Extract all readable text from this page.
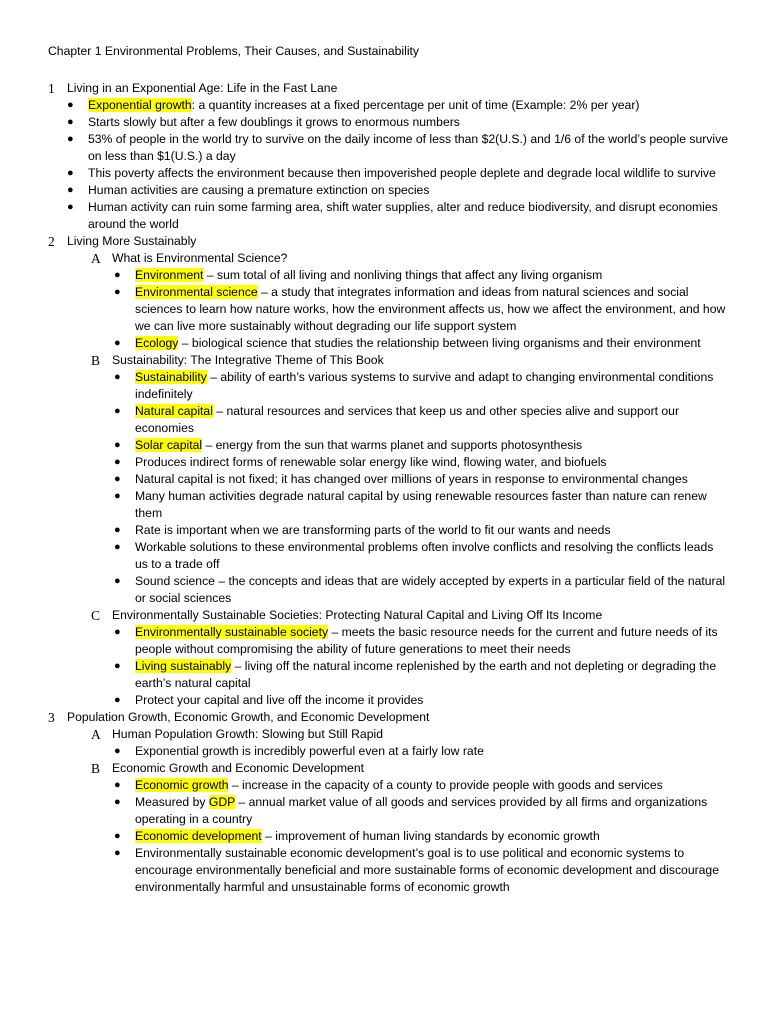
Chapter 1 Environmental Problems, Their Causes, and Sustainability
1 Living in an Exponential Age: Life in the Fast Lane
● Exponential growth: a quantity increases at a fixed percentage per unit of time (Example: 2% per year)
● Starts slowly but after a few doublings it grows to enormous numbers
● 53% of people in the world try to survive on the daily income of less than $2(U.S.) and 1/6 of the world’s people survive on less than $1(U.S.) a day
● This poverty affects the environment because then impoverished people deplete and degrade local wildlife to survive
● Human activities are causing a premature extinction on species
● Human activity can ruin some farming area, shift water supplies, alter and reduce biodiversity, and disrupt economies around the world
2 Living More Sustainably
A What is Environmental Science?
● Environment – sum total of all living and nonliving things that affect any living organism
● Environmental science – a study that integrates information and ideas from natural sciences and social sciences to learn how nature works, how the environment affects us, how we affect the environment, and how we can live more sustainably without degrading our life support system
● Ecology – biological science that studies the relationship between living organisms and their environment
B Sustainability: The Integrative Theme of This Book
● Sustainability – ability of earth’s various systems to survive and adapt to changing environmental conditions indefinitely
● Natural capital – natural resources and services that keep us and other species alive and support our economies
● Solar capital – energy from the sun that warms planet and supports photosynthesis
● Produces indirect forms of renewable solar energy like wind, flowing water, and biofuels
● Natural capital is not fixed; it has changed over millions of years in response to environmental changes
● Many human activities degrade natural capital by using renewable resources faster than nature can renew them
● Rate is important when we are transforming parts of the world to fit our wants and needs
● Workable solutions to these environmental problems often involve conflicts and resolving the conflicts leads us to a trade off
● Sound science – the concepts and ideas that are widely accepted by experts in a particular field of the natural or social sciences
C Environmentally Sustainable Societies: Protecting Natural Capital and Living Off Its Income
● Environmentally sustainable society – meets the basic resource needs for the current and future needs of its people without compromising the ability of future generations to meet their needs
● Living sustainably – living off the natural income replenished by the earth and not depleting or degrading the earth’s natural capital
● Protect your capital and live off the income it provides
3 Population Growth, Economic Growth, and Economic Development
A Human Population Growth: Slowing but Still Rapid
● Exponential growth is incredibly powerful even at a fairly low rate
B Economic Growth and Economic Development
● Economic growth – increase in the capacity of a county to provide people with goods and services
● Measured by GDP – annual market value of all goods and services provided by all firms and organizations operating in a country
● Economic development – improvement of human living standards by economic growth
● Environmentally sustainable economic development’s goal is to use political and economic systems to encourage environmentally beneficial and more sustainable forms of economic development and discourage environmentally harmful and unsustainable forms of economic growth
